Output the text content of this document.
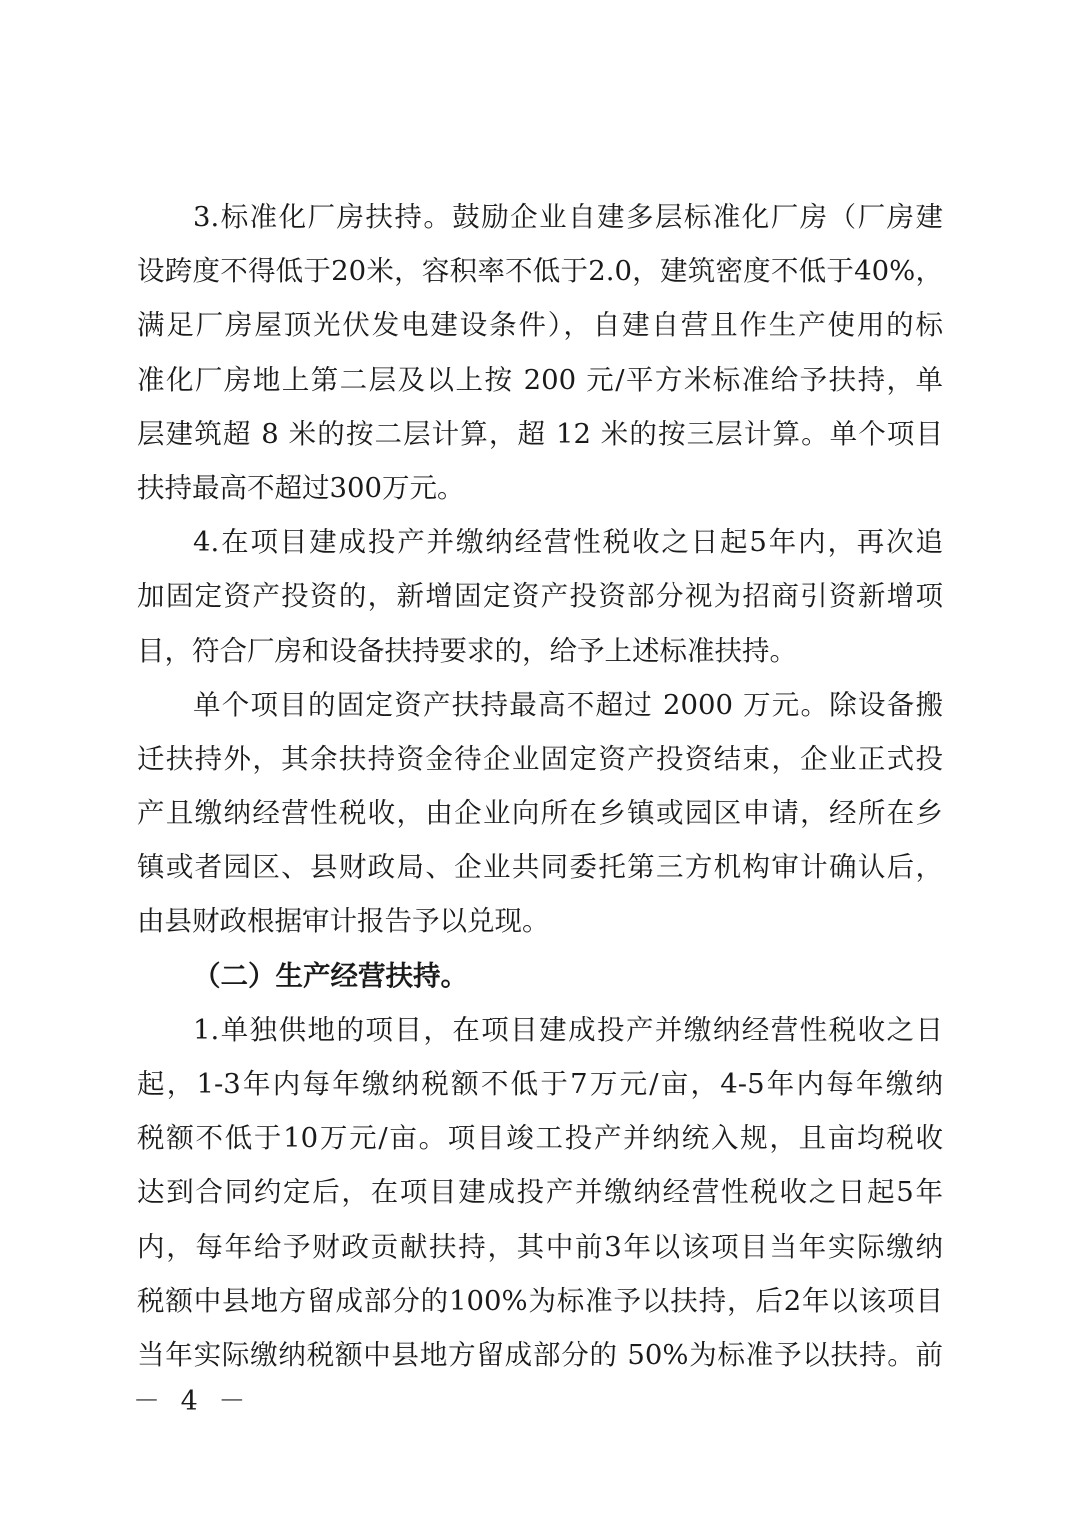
3.标准化厂房扶持。鼓励企业自建多层标准化厂房（厂房建
设跨度不得低于20米，容积率不低于2.0，建筑密度不低于40%，
满足厂房屋顶光伏发电建设条件），自建自营且作生产使用的标
准化厂房地上第二层及以上按 200 元/平方米标准给予扶持，单
层建筑超 8 米的按二层计算，超 12 米的按三层计算。单个项目
扶持最高不超过300万元。
4.在项目建成投产并缴纳经营性税收之日起5年内，再次追
加固定资产投资的，新增固定资产投资部分视为招商引资新增项
目，符合厂房和设备扶持要求的，给予上述标准扶持。
单个项目的固定资产扶持最高不超过 2000 万元。除设备搬
迁扶持外，其余扶持资金待企业固定资产投资结束，企业正式投
产且缴纳经营性税收，由企业向所在乡镇或园区申请，经所在乡
镇或者园区、县财政局、企业共同委托第三方机构审计确认后，
由县财政根据审计报告予以兑现。
（二）生产经营扶持。
1.单独供地的项目，在项目建成投产并缴纳经营性税收之日
起，1-3年内每年缴纳税额不低于7万元/亩，4-5年内每年缴纳
税额不低于10万元/亩。项目竣工投产并纳统入规，且亩均税收
达到合同约定后，在项目建成投产并缴纳经营性税收之日起5年
内，每年给予财政贡献扶持，其中前3年以该项目当年实际缴纳
税额中县地方留成部分的100%为标准予以扶持，后2年以该项目
当年实际缴纳税额中县地方留成部分的 50%为标准予以扶持。前
－ 4 －
